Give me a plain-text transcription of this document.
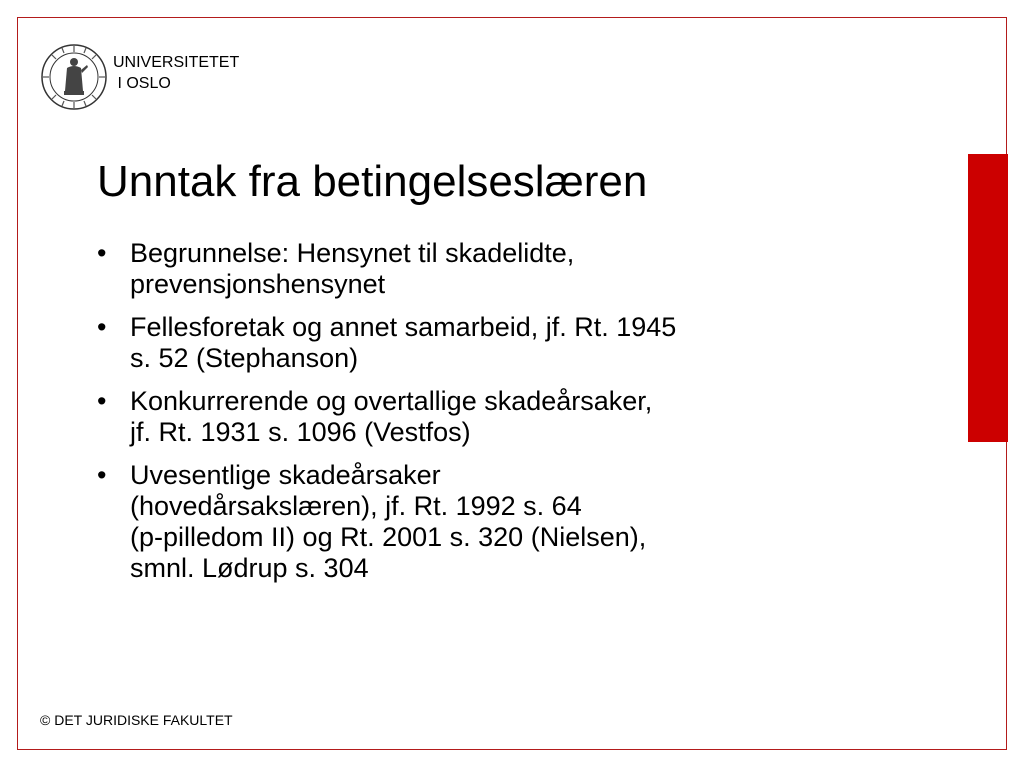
UNIVERSITETET
I OSLO
Unntak fra betingelseslæren
• Begrunnelse: Hensynet til skadelidte,
prevensjonshensynet
• Fellesforetak og annet samarbeid, jf. Rt. 1945
s. 52 (Stephanson)
• Konkurrerende og overtallige skadeårsaker,
jf. Rt. 1931 s. 1096 (Vestfos)
• Uvesentlige skadeårsaker
(hovedårsakslæren), jf. Rt. 1992 s. 64
(p-pilledom II) og Rt. 2001 s. 320 (Nielsen),
smnl. Lødrup s. 304
© DET JURIDISKE FAKULTET
